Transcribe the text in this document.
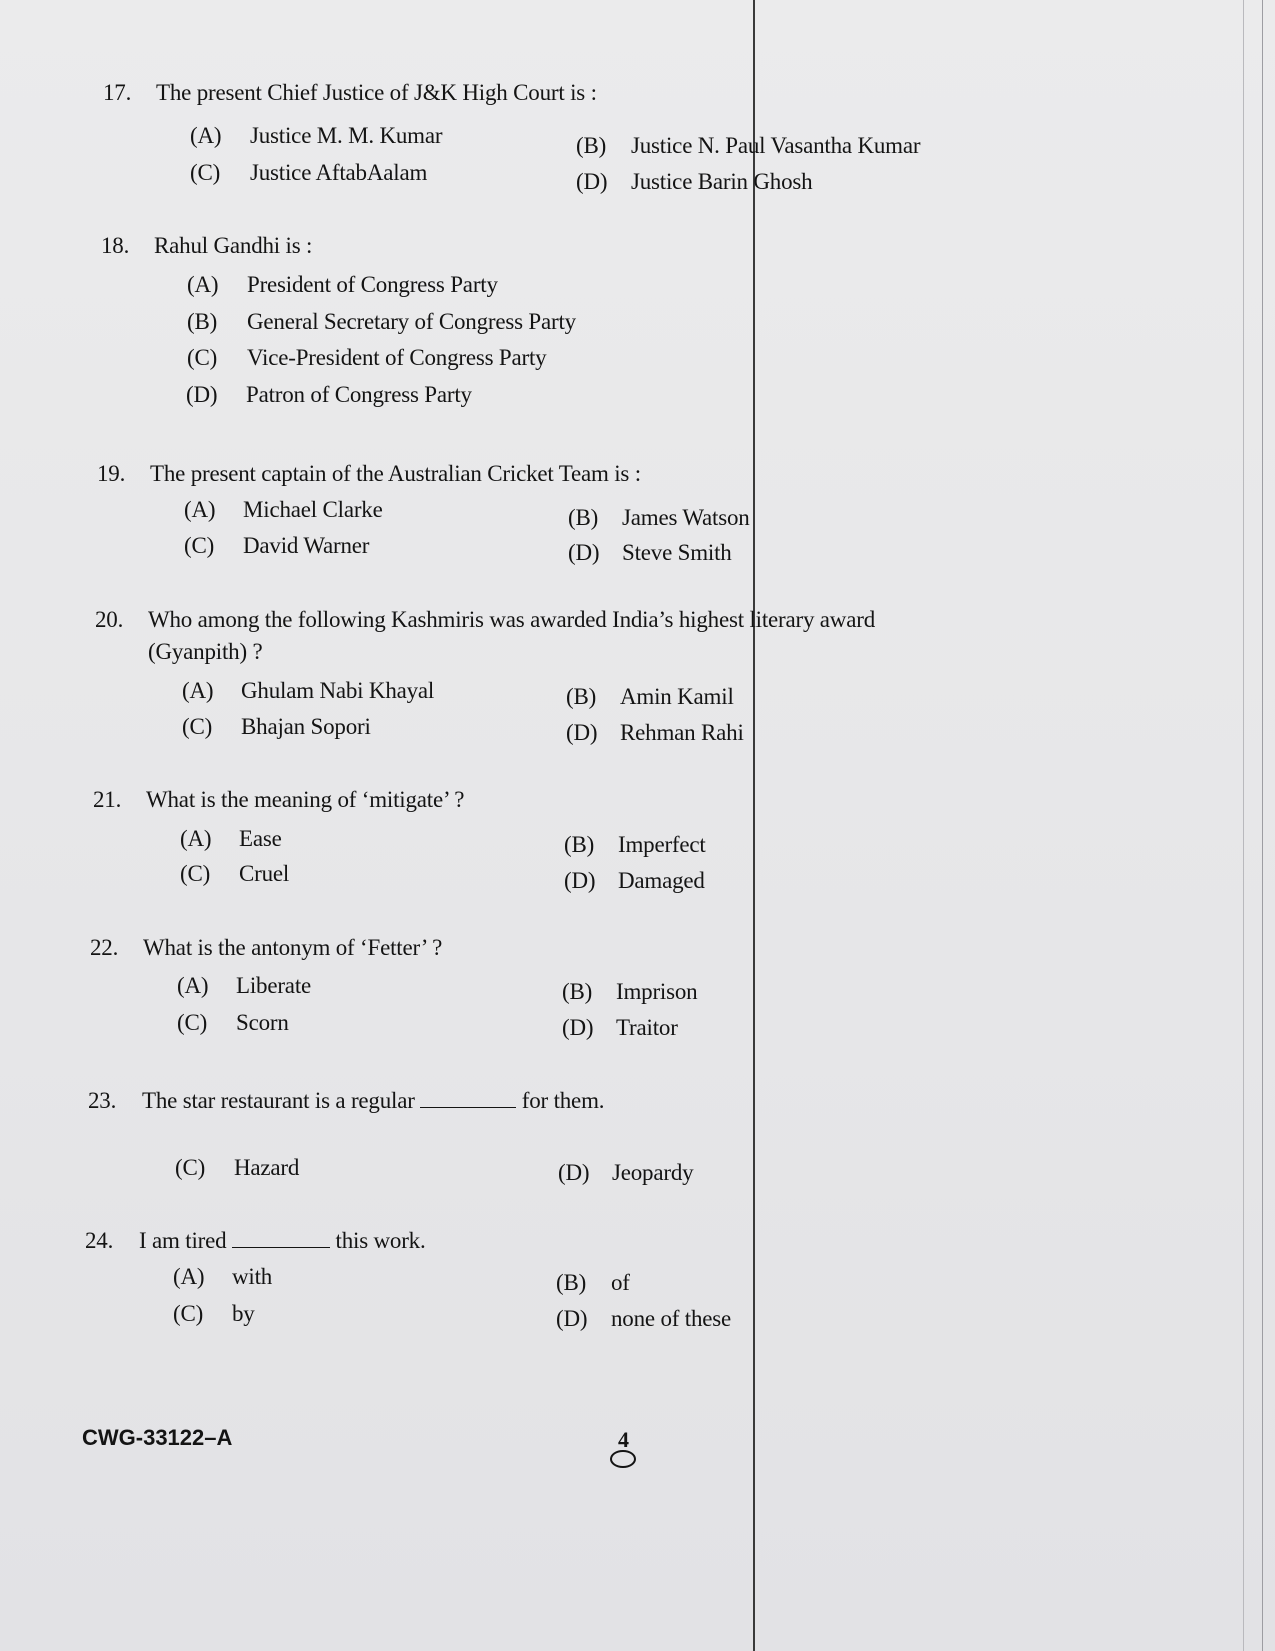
17. The present Chief Justice of J&K High Court is :
(A) Justice M. M. Kumar	(B) Justice N. Paul Vasantha Kumar
(C) Justice AftabAalam	(D) Justice Barin Ghosh
18. Rahul Gandhi is :
(A) President of Congress Party
(B) General Secretary of Congress Party
(C) Vice-President of Congress Party
(D) Patron of Congress Party
19. The present captain of the Australian Cricket Team is :
(A) Michael Clarke	(B) James Watson
(C) David Warner	(D) Steve Smith
20. Who among the following Kashmiris was awarded India’s highest literary award
(Gyanpith) ?
(A) Ghulam Nabi Khayal	(B) Amin Kamil
(C) Bhajan Sopori	(D) Rehman Rahi
21. What is the meaning of ‘mitigate’ ?
(A) Ease	(B) Imperfect
(C) Cruel	(D) Damaged
22. What is the antonym of ‘Fetter’ ?
(A) Liberate	(B) Imprison
(C) Scorn	(D) Traitor
23. The star restaurant is a regular	for them.
(C) Hazard	(D) Jeopardy
24. I am tired	this work.
(A) with	(B) of
(C) by	(D) none of these
CWG-33122–A	4
